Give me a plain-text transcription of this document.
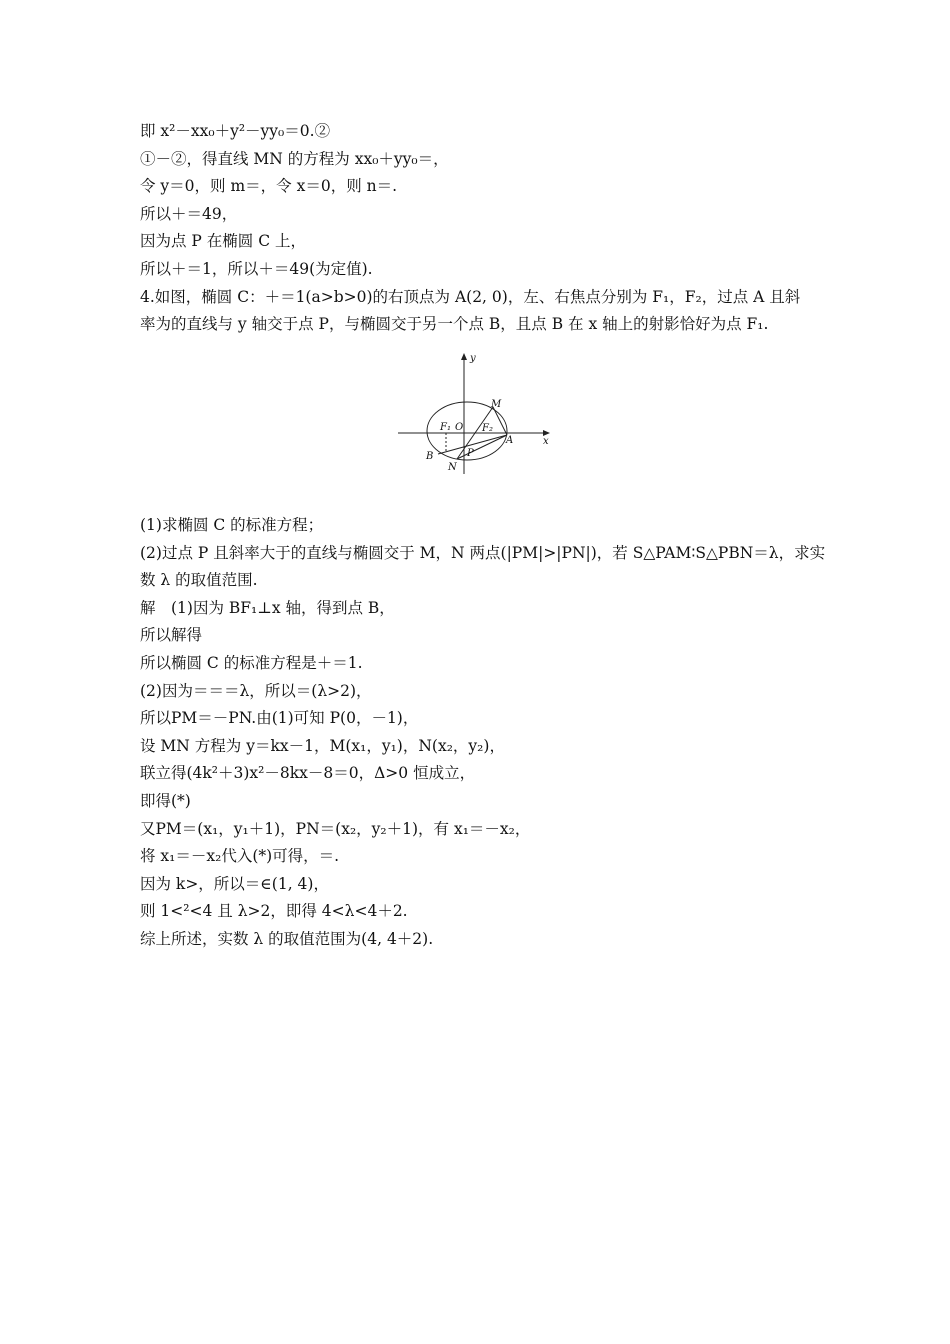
即 x²－xx₀＋y²－yy₀＝0.②
①－②，得直线 MN 的方程为 xx₀＋yy₀＝，
令 y＝0，则 m＝，令 x＝0，则 n＝.
所以＋＝49，
因为点 P 在椭圆 C 上，
所以＋＝1，所以＋＝49(为定值).
4.如图，椭圆 C：＋＝1(a>b>0)的右顶点为 A(2, 0)，左、右焦点分别为 F₁，F₂，过点 A 且斜
率为的直线与 y 轴交于点 P，与椭圆交于另一个点 B，且点 B 在 x 轴上的射影恰好为点 F₁.
y
x
M
F₁ O F₂
A
B	P
N
(1)求椭圆 C 的标准方程；
(2)过点 P 且斜率大于的直线与椭圆交于 M，N 两点(|PM|>|PN|)，若 S△PAM∶S△PBN＝λ，求实
数 λ 的取值范围.
解　(1)因为 BF₁⊥x 轴，得到点 B，
所以解得
所以椭圆 C 的标准方程是＋＝1.
(2)因为＝＝＝λ，所以＝(λ>2)，
所以PM＝－PN.由(1)可知 P(0，－1)，
设 MN 方程为 y＝kx－1，M(x₁，y₁)，N(x₂，y₂)，
联立得(4k²＋3)x²－8kx－8＝0，Δ>0 恒成立，
即得(*)
又PM＝(x₁，y₁＋1)，PN＝(x₂，y₂＋1)，有 x₁＝－x₂，
将 x₁＝－x₂代入(*)可得，＝.
因为 k>，所以＝∈(1, 4)，
则 1<²<4 且 λ>2，即得 4<λ<4＋2.
综上所述，实数 λ 的取值范围为(4, 4＋2).
